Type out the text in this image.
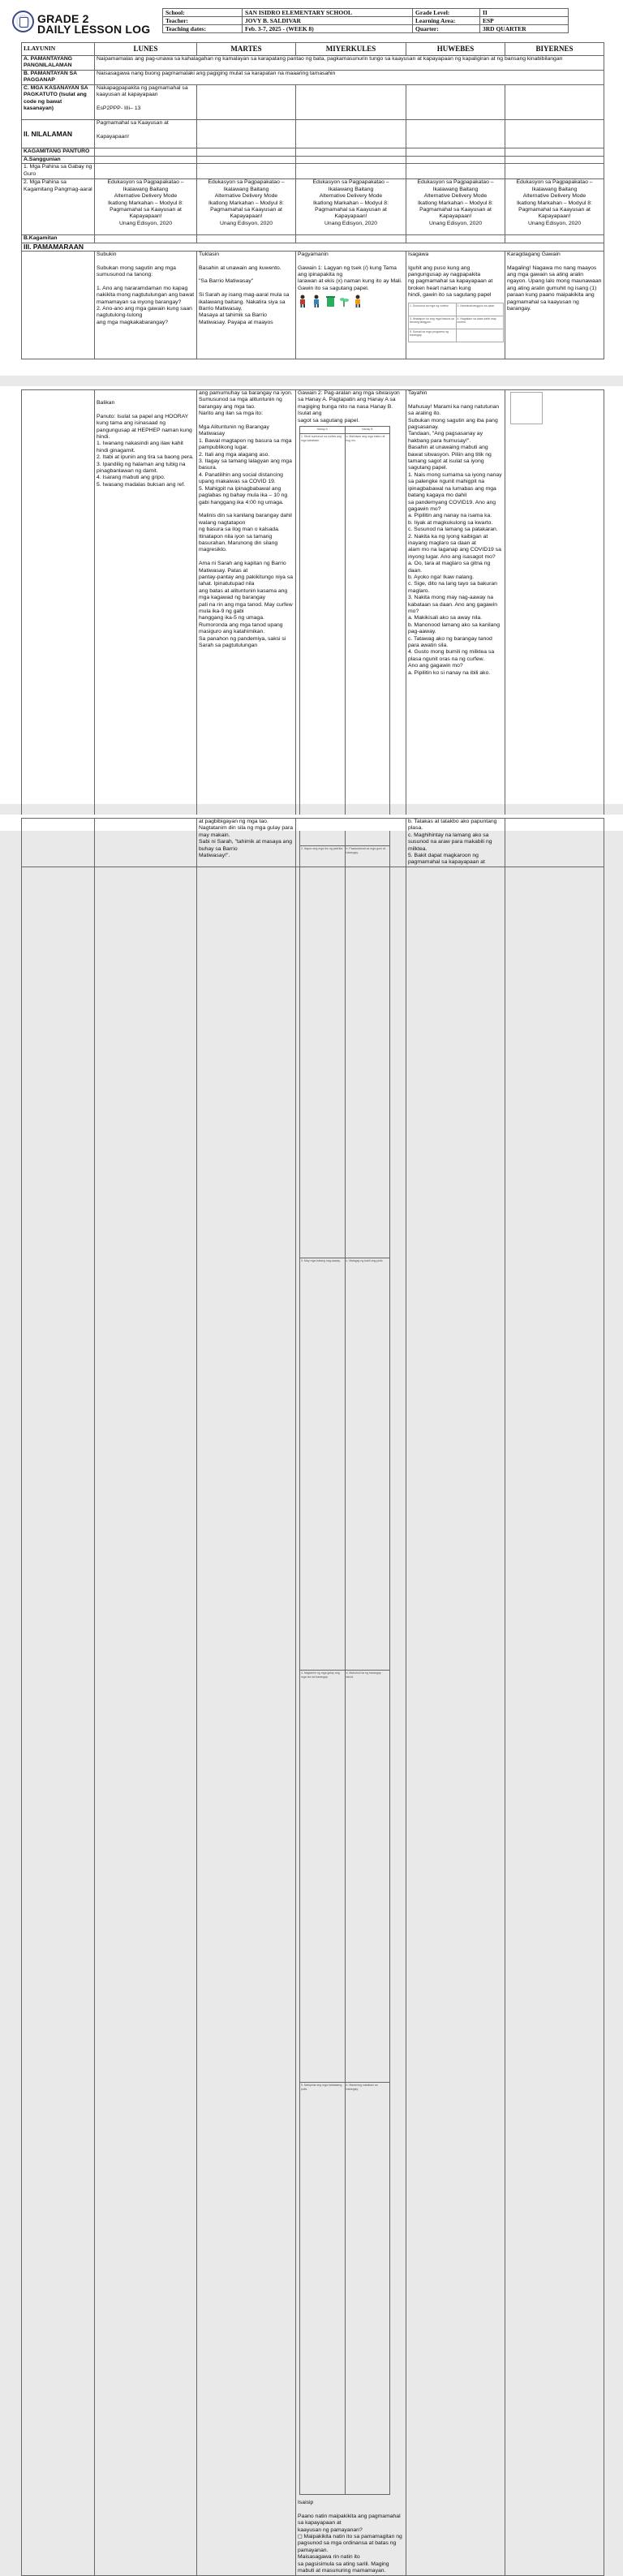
GRADE 2
DAILY LESSON LOG
School:	SAN ISIDRO ELEMENTARY SCHOOL	Grade Level:	II
Teacher:	JOVY B. SALDIVAR	Learning Area:	ESP
Teaching dates:	Feb. 3-7, 2025 - (WEEK 8)	Quarter:	3RD QUARTER
I.LAYUNIN	LUNES	MARTES	MIYERKULES	HUWEBES	BIYERNES
A. PAMANTAYANG PANGNILALAMAN	Naipamamalas ang pag-unawa sa kahalagahan ng kamalayan sa karapatang pantao ng bata, pagkamasunurin tungo sa kaayusan at kapayapaan ng kapaligiran at ng bansang kinabibilangan
B. PAMANTAYAN SA PAGGANAP	Naisasagawa nang buong pagmamalaki ang pagiging mulat sa karapatan na maaaring tamasahin
C. MGA KASANAYAN SA PAGKATUTO (Isulat ang code ng bawat kasanayan)	Nakapagpapakita ng pagmamahal sa kaayusan at kapayapaan

EsP2PPP- IIIi– 13				
II. NILALAMAN	Pagmamahal sa Kaayusan at

Kapayapaan!				
KAGAMITANG PANTURO					
A.Sanggunian					
1. Mga Pahina sa Gabay ng Guro					
2. Mga Pahina sa Kagamitang Pangmag-aaral	Edukasyon sa Pagpapakatao –
Ikalawang Baitang
Alternative Delivery Mode
Ikatlong Markahan – Modyul 8:
Pagmamahal sa Kaayusan at
Kapayapaan!
Unang Edisyon, 2020	Edukasyon sa Pagpapakatao –
Ikalawang Baitang
Alternative Delivery Mode
Ikatlong Markahan – Modyul 8:
Pagmamahal sa Kaayusan at
Kapayapaan!
Unang Edisyon, 2020	Edukasyon sa Pagpapakatao –
Ikalawang Baitang
Alternative Delivery Mode
Ikatlong Markahan – Modyul 8:
Pagmamahal sa Kaayusan at
Kapayapaan!
Unang Edisyon, 2020	Edukasyon sa Pagpapakatao –
Ikalawang Baitang
Alternative Delivery Mode
Ikatlong Markahan – Modyul 8:
Pagmamahal sa Kaayusan at
Kapayapaan!
Unang Edisyon, 2020	Edukasyon sa Pagpapakatao –
Ikalawang Baitang
Alternative Delivery Mode
Ikatlong Markahan – Modyul 8:
Pagmamahal sa Kaayusan at
Kapayapaan!
Unang Edisyon, 2020
B.Kagamitan					
III. PAMAMARAAN
	Subukin

Subukan mong sagutin ang mga sumusunod na tanong:

1. Ano ang nararamdaman mo kapag nakikita mong nagtutulungan ang bawat mamamayan sa inyong barangay?
2. Ano-ano ang mga gawain kung saan nagtutulong-tulong
ang mga magkakabarangay?	Tuklasin

Basahin at unawain ang kuwento.

"Sa Barrio Matiwasay"

Si Sarah ay isang mag-aaral mula sa ikalawang baitang. Nakatira siya sa Barrio Matiwasay.
Masaya at tahimik sa Barrio Matiwasay. Payapa at maayos	
Pagyamanin

Gawain 1: Lagyan ng tsek (/) kung Tama ang ipinapakita ng
larawan at ekis (x) naman kung ito ay Mali. Gawin ito sa sagutang papel.

Isagawa

Iguhit ang puso kung ang pangungusap ay nagpapakita
ng pagmamahal sa kapayapaan at broken heart naman kung
hindi, gawin ito sa sagutang papel
1. Sumunod sa mga ng curfew.	2. Naninira/nanggulo sa daan.
3. Itinatapon ko ang mga basura sa tamang lalagyan.	4. Naglalaro sa daan kahit may curfew.
5. Sumali sa mga programa ng barangay.	
	Karagdagang Gawain

Magaling! Nagawa mo nang maayos ang mga gawain sa ating aralin ngayon. Upang lalo mong maunawaan ang ating aralin gumuhit ng isang (1) paraan kung paano maipakikita ang pagmamahal sa kaayusan ng barangay.
	Balikan

Panuto: Isulat sa papel ang HOORAY kung tama ang isinasaad ng pangungusap at HEPHEP naman kung hindi.
1. Iwanang nakasindi ang ilaw kahit hindi ginagamit.
2. Itabi at ipunin ang tira sa baong pera.
3. Ipandilig ng halaman ang tubig na pinagbanlawan ng damit.
4. Isarang mabuti ang gripo.
5. Iwasang madalas buksan ang ref.	ang pamumuhay sa barangay na iyon.
Sumusunod sa mga alituntunin ng barangay ang mga tao.
Narito ang ilan sa mga ito:

Mga Alituntunin ng Barangay Matiwasay
1. Bawal magtapon ng basura sa mga pampublikong lugar.
2. Itali ang mga alagang aso.
3. Ilagay sa tamang lalagyan ang mga basura.
4. Panatilihin ang social distancing
upang makaiwas sa COVID 19.
5. Mahigpit na ipinagbabawal ang
paglabas ng bahay mula ika – 10 ng
gabi hanggang ika 4:00 ng umaga.

Malinis din sa kanilang barangay dahil walang nagtatapon
ng basura sa ilog man o kalsada.
Itinatapon nila iyon sa tamang basurahan. Marunong din silang magresiklo.

Ama ni Sarah ang kapitan ng Barrio Matiwasay. Patas at
pantay-pantay ang pakikitungo niya sa lahat. Ipinatutupad nila
ang batas at alituntunin kasama ang mga kagawad ng barangay
pati na rin ang mga tanod. May curfew mula ika-9 ng gabi
hanggang ika-5 ng umaga. Rumoronda ang mga tanod upang
masiguro ang katahimikan.
Sa panahon ng pandemiya, saksi si Sarah sa pagtutulungan	
Gawain 2: Pag-aralan ang mga sitwasyon sa Hanay A. Pagtapatin ang Hanay A sa magiging bunga nito na nasa Hanay B. Isulat ang
sagot sa sagutang papel.
Hanay A	Hanay B
1. Hindi sumunod sa curfew ang mga kabataan.	a. Malinisan ang mga estero at ilog mo.
2. Itapon ang mga bio ng pabrika.	b. Pasasalamat sa mga guro at barangay.
3. May mga batang nag-aaway.	c. Malagay ng bakit ang pulis.
4. Nagtanim ng mga gulay ang mga tao sa barangay.	d. Mahuhuli ka ng barangay tanod.
5. Nakipinta ang mga kabataang pulis.	e. Maraming nakakain sa barangay.
Isaisip

Paano natin maipakikita ang pagmamahal sa kapayapaan at
kaayusan ng pamayanan?
◻ Maipakikita natin ito sa pamamagitan ng pagsunod sa mga ordinansa at batas ng pamayanan.
Maisasagawa rin natin ito
sa pagsisimula sa ating sarili. Maging mabuti at masunuring mamamayan.
	Tayahin

Mahusay! Marami ka nang natutunan sa araling ito.
Subukan mong sagutin ang iba pang pagsasanay.
Tandaan, "Ang pagsasanay ay hakbang para humusay!".
Basahin at unawaing mabuti ang bawat sitwasyon. Piliin ang titik ng tamang sagot at isulat sa iyong sagutang papel.
1. Nais mong sumama sa iyong nanay sa palengke ngunit mahigpit na ipinagbabawal na lumabas ang mga batang kagaya mo dahil
sa pandemyang COVID19. Ano ang gagawin mo?
a. Pipilitin ang nanay na isama ka.
b. Iiyak at magkukulong sa kwarto.
c. Susunod na lamang sa patakaran.
2. Nakita ka ng iyong kaibigan at inayang maglaro sa daan at
alam mo na laganap ang COVID19 sa inyong lugar. Ano ang isasagot mo?
a. Oo, tara at maglaro sa gitna ng daan.
b. Ayoko nga! Ikaw nalang.
c. Sige, dito na lang tayo sa bakuran maglaro.
3. Nakita mong may nag-aaway na kabataan sa daan. Ano ang gagawin mo?
a. Makikisali ako sa away nila.
b. Manonood lamang ako sa kanilang pag-aaway.
c. Tatawag ako ng barangay tanod para awatin sila.
4. Gusto mong bumili ng milktea sa plasa ngunit oras na ng curfew.
Ano ang gagawin mo?
a. Pipilitin ko si nanay na ibili ako.	
		at pagbibigayan ng mga tao.
Nagtatanim din sila ng mga gulay para may makain.
Sabi ni Sarah, "tahimik at masaya ang buhay sa Barrio
Matiwasay!".		b. Tatakas at tatakbo ako papuntang plasa.
c. Maghihintay na lamang ako sa susunod na araw para makabili ng milktea.
5. Bakit dapat magkaroon ng pagmamahal sa kapayapaan at	
